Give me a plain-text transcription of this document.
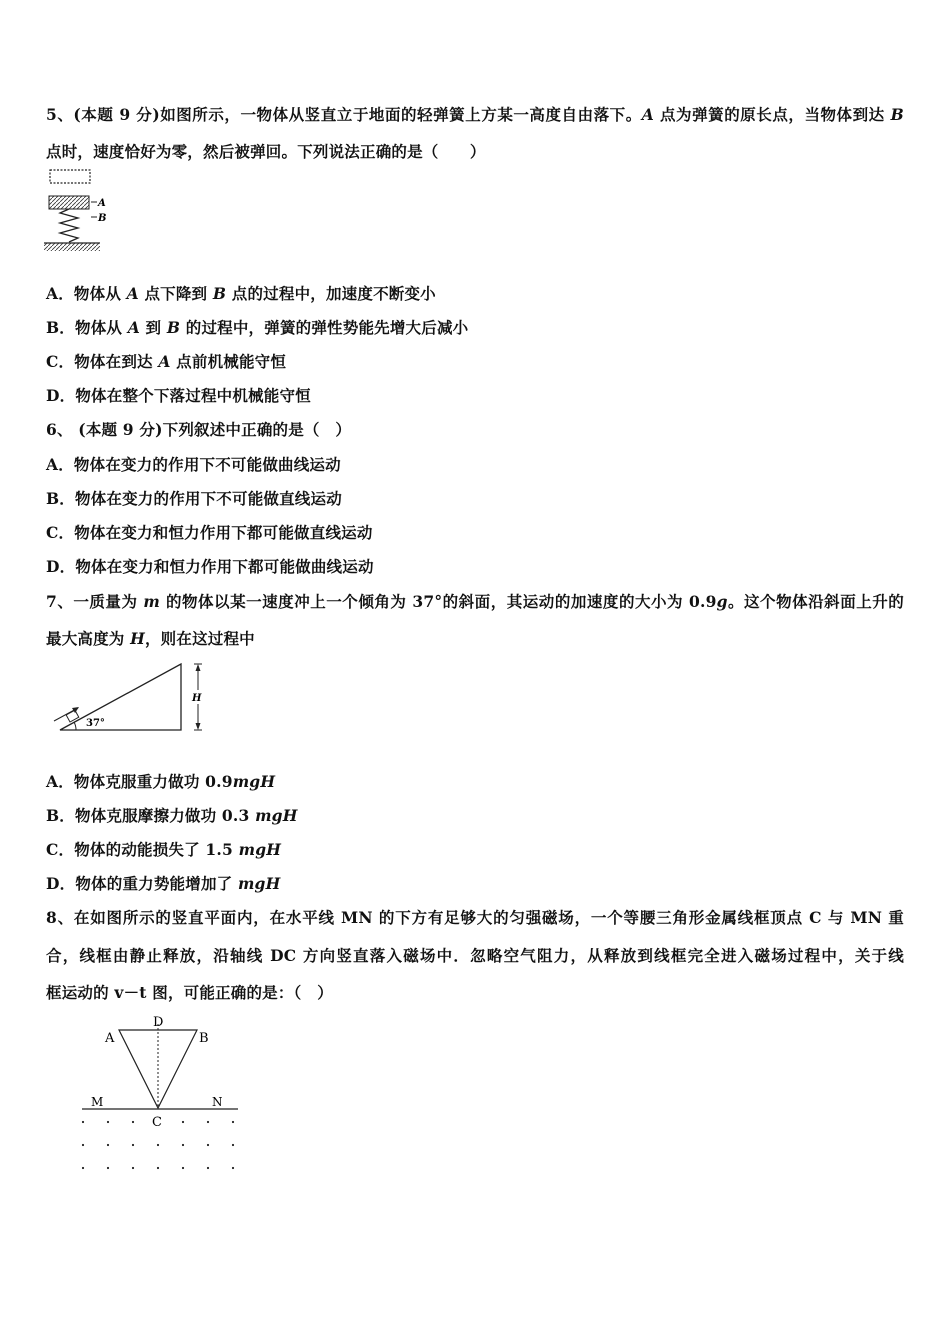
5、(本题 9 分)如图所示，一物体从竖直立于地面的轻弹簧上方某一高度自由落下。A 点为弹簧的原长点，当物体到达 B
点时，速度恰好为零，然后被弹回。下列说法正确的是（　　）
A
B
A．物体从 A 点下降到 B 点的过程中，加速度不断变小
B．物体从 A 到 B 的过程中，弹簧的弹性势能先增大后减小
C．物体在到达 A 点前机械能守恒
D．物体在整个下落过程中机械能守恒
6、 (本题 9 分)下列叙述中正确的是（　）
A．物体在变力的作用下不可能做曲线运动
B．物体在变力的作用下不可能做直线运动
C．物体在变力和恒力作用下都可能做直线运动
D．物体在变力和恒力作用下都可能做曲线运动
7、一质量为 m 的物体以某一速度冲上一个倾角为 37°的斜面，其运动的加速度的大小为 0.9g。这个物体沿斜面上升的
最大高度为 H，则在这过程中
37°
H
A．物体克服重力做功 0.9mgH
B．物体克服摩擦力做功 0.3 mgH
C．物体的动能损失了 1.5 mgH
D．物体的重力势能增加了 mgH
8、在如图所示的竖直平面内，在水平线 MN 的下方有足够大的匀强磁场，一个等腰三角形金属线框顶点 C 与 MN 重
合，线框由静止释放，沿轴线 DC 方向竖直落入磁场中．忽略空气阻力，从释放到线框完全进入磁场过程中，关于线
框运动的 v－t 图，可能正确的是：（　）
D
A	B
M	N
C
